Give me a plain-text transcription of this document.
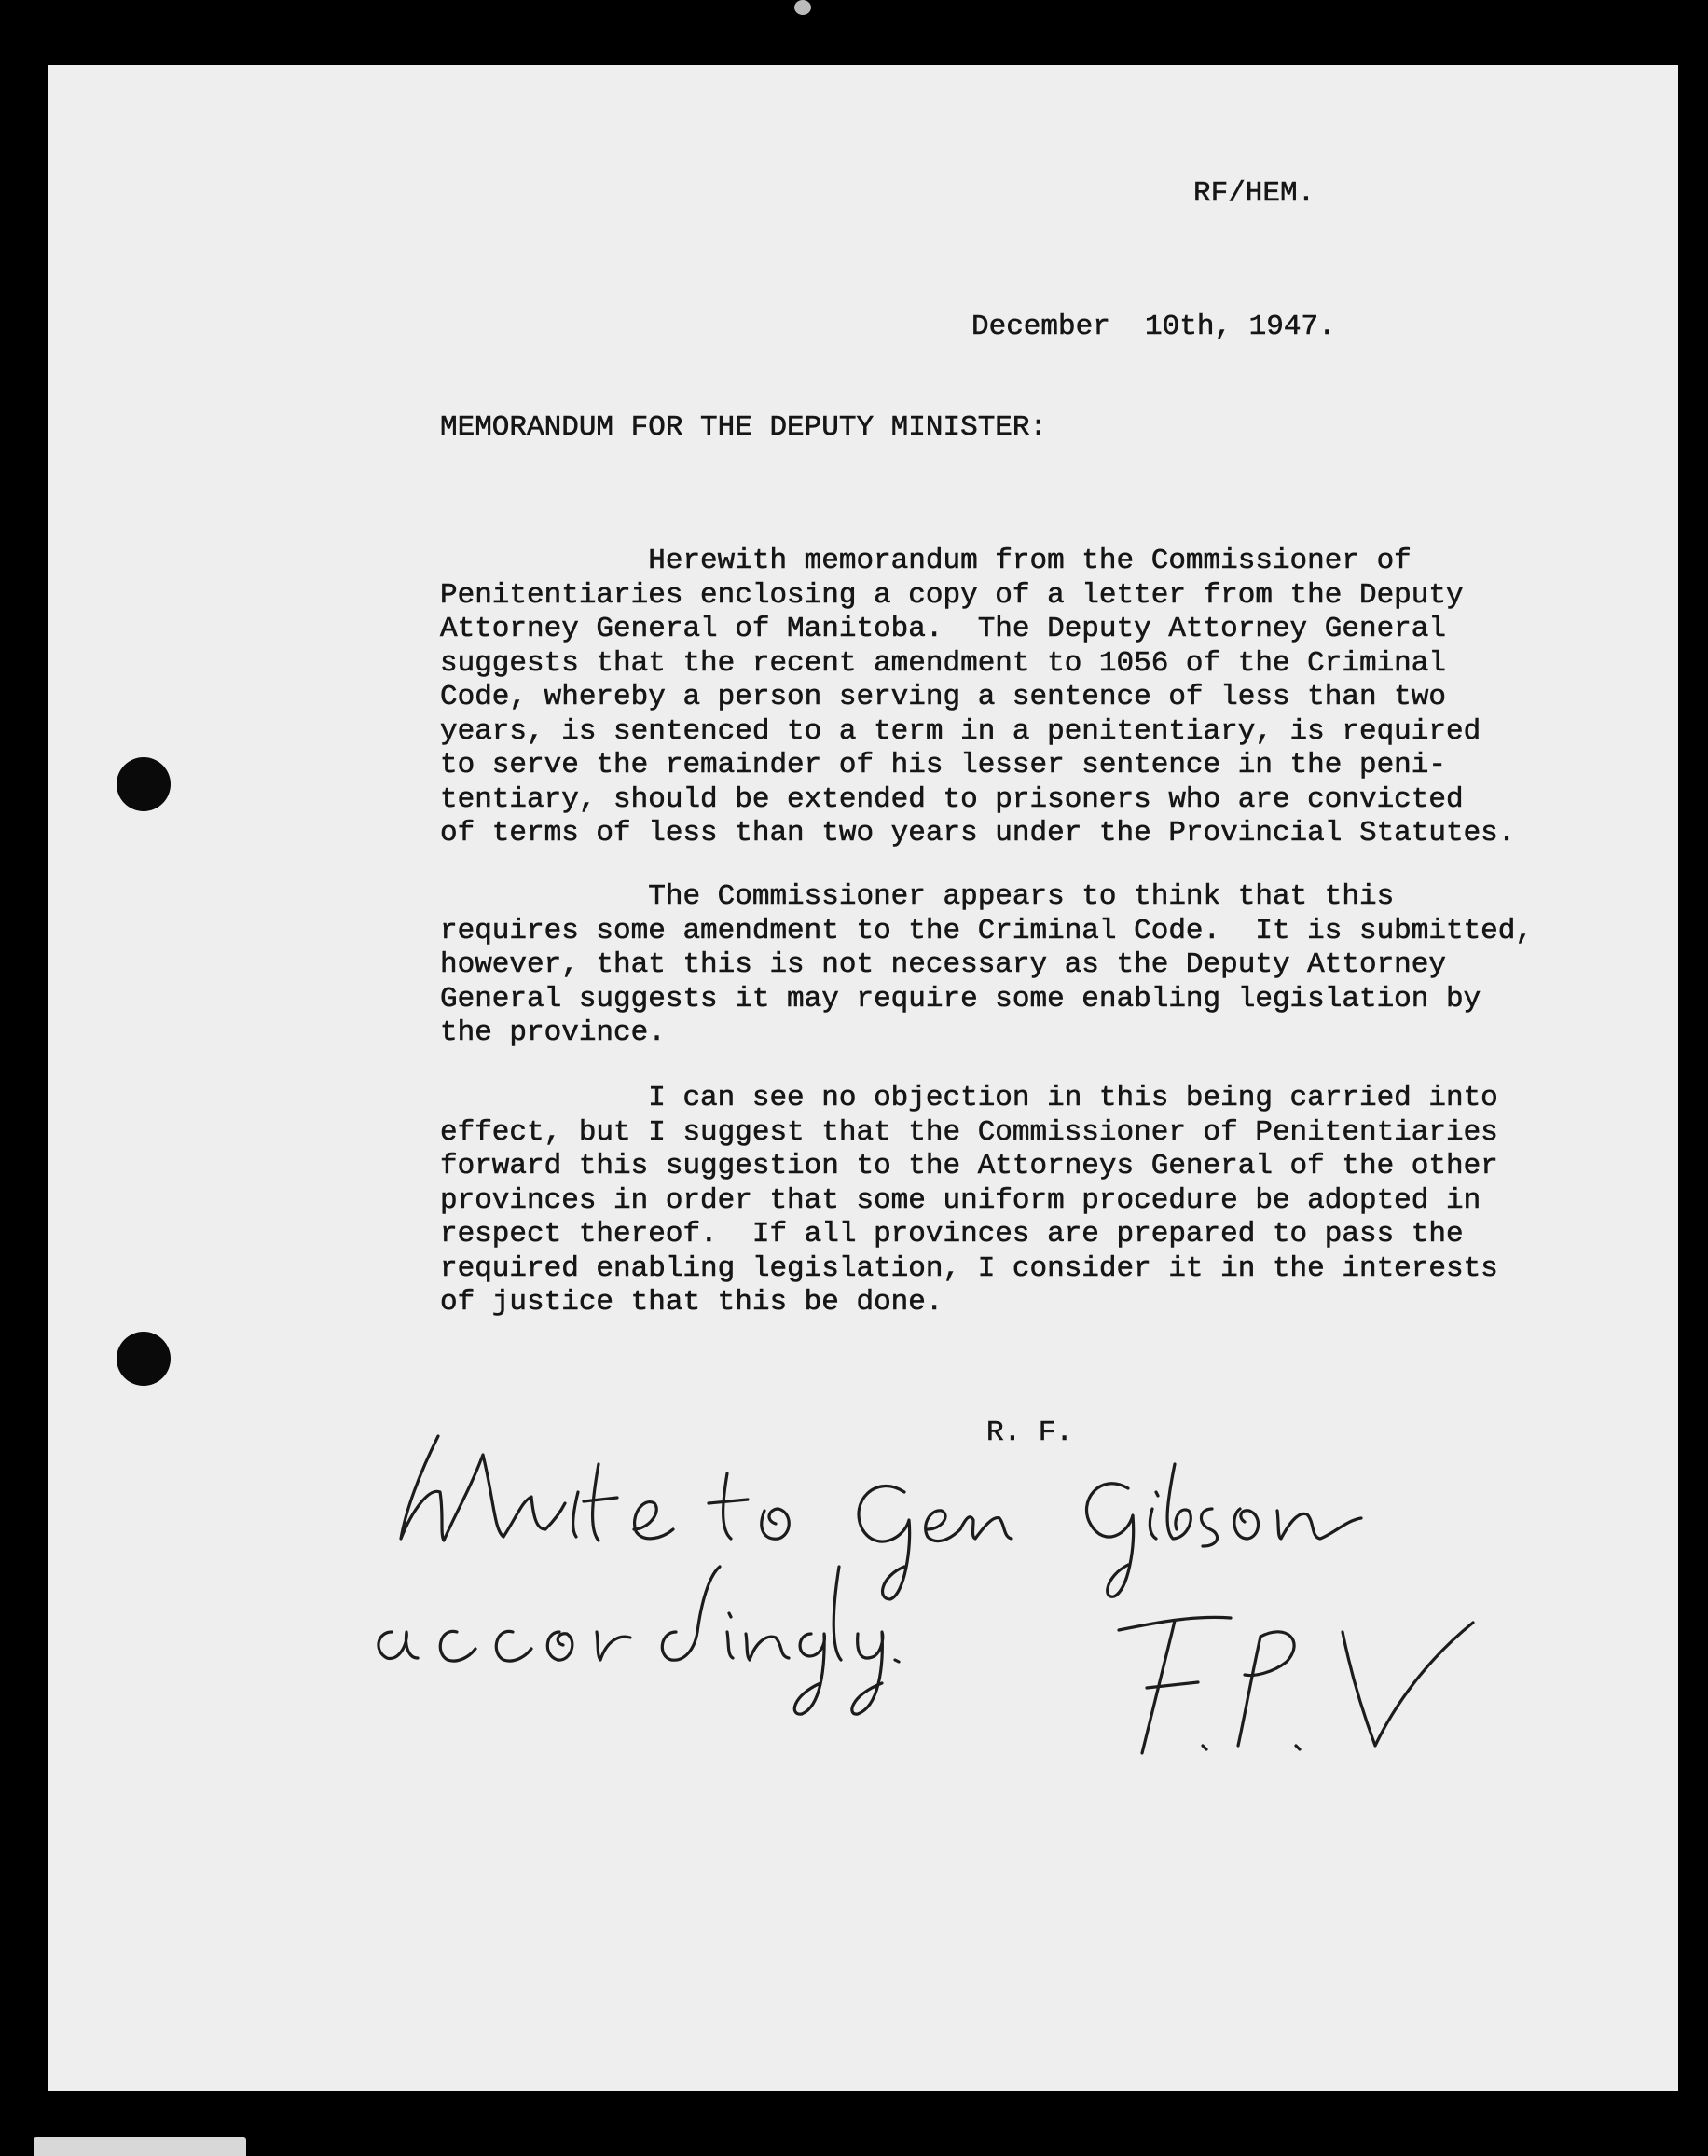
RF/HEM.

December  10th, 1947.

MEMORANDUM FOR THE DEPUTY MINISTER:

Herewith memorandum from the Commissioner of
Penitentiaries enclosing a copy of a letter from the Deputy
Attorney General of Manitoba.  The Deputy Attorney General
suggests that the recent amendment to 1056 of the Criminal
Code, whereby a person serving a sentence of less than two
years, is sentenced to a term in a penitentiary, is required
to serve the remainder of his lesser sentence in the peni-
tentiary, should be extended to prisoners who are convicted
of terms of less than two years under the Provincial Statutes.

The Commissioner appears to think that this
requires some amendment to the Criminal Code.  It is submitted,
however, that this is not necessary as the Deputy Attorney
General suggests it may require some enabling legislation by
the province.

I can see no objection in this being carried into
effect, but I suggest that the Commissioner of Penitentiaries
forward this suggestion to the Attorneys General of the other
provinces in order that some uniform procedure be adopted in
respect thereof.  If all provinces are prepared to pass the
required enabling legislation, I consider it in the interests
of justice that this be done.

R. F.
